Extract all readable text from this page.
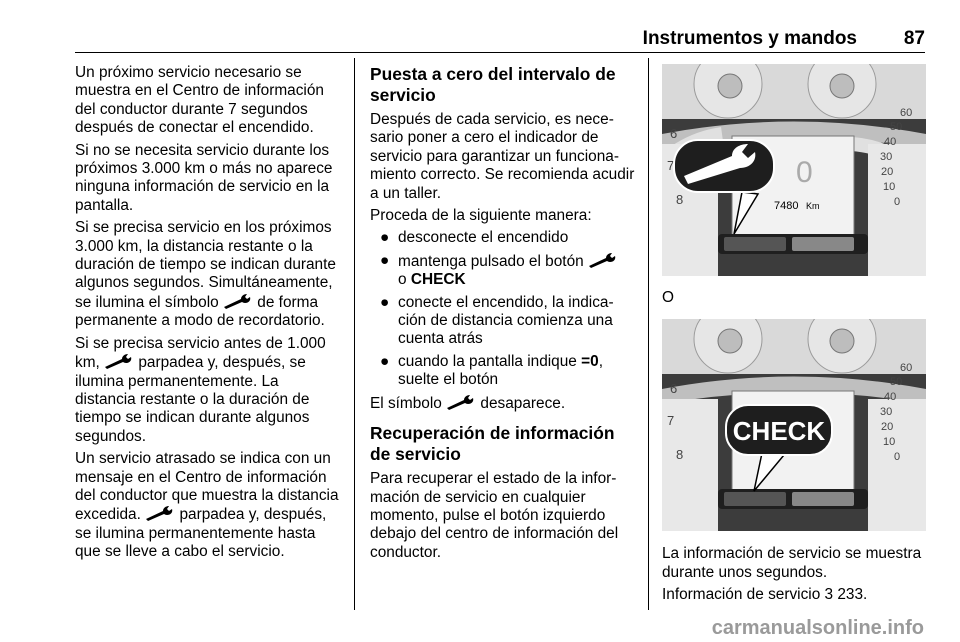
Instrumentos y mandos 87

Un próximo servicio necesario se muestra en el Centro de información del conductor durante 7 segundos después de conectar el encendido.

Si no se necesita servicio durante los próximos 3.000 km o más no aparece ninguna información de servicio en la pantalla.

Si se precisa servicio en los próximos 3.000 km, la distancia restante o la duración de tiempo se indican durante algunos segundos. Simultáneamente, se ilumina el símbolo  de forma permanente a modo de recordatorio.

Si se precisa servicio antes de 1.000 km,  parpadea y, después, se ilumina permanentemente. La distancia restante o la duración de tiempo se indican durante algunos segundos.

Un servicio atrasado se indica con un mensaje en el Centro de información del conductor que muestra la distancia excedida.  parpadea y, después, se ilumina permanentemente hasta que se lleve a cabo el servicio.

Puesta a cero del intervalo de servicio

Después de cada servicio, es necesario poner a cero el indicador de servicio para garantizar un funcionamiento correcto. Se recomienda acudir a un taller.

Proceda de la siguiente manera:

● desconecte el encendido
● mantenga pulsado el botón
o CHECK
● conecte el encendido, la indicación de distancia comienza una cuenta atrás
● cuando la pantalla indique =0, suelte el botón

El símbolo  desaparece.

Recuperación de información de servicio

Para recuperar el estado de la información de servicio en cualquier momento, pulse el botón izquierdo debajo del centro de información del conductor.

6
7
8
60
50
40
30
20
10
0
0
7480 Km

O

6
7
8
60
50
40
30
20
10
0
CHECK

La información de servicio se muestra durante unos segundos.

Información de servicio 3 233.

carmanualsonline.info
